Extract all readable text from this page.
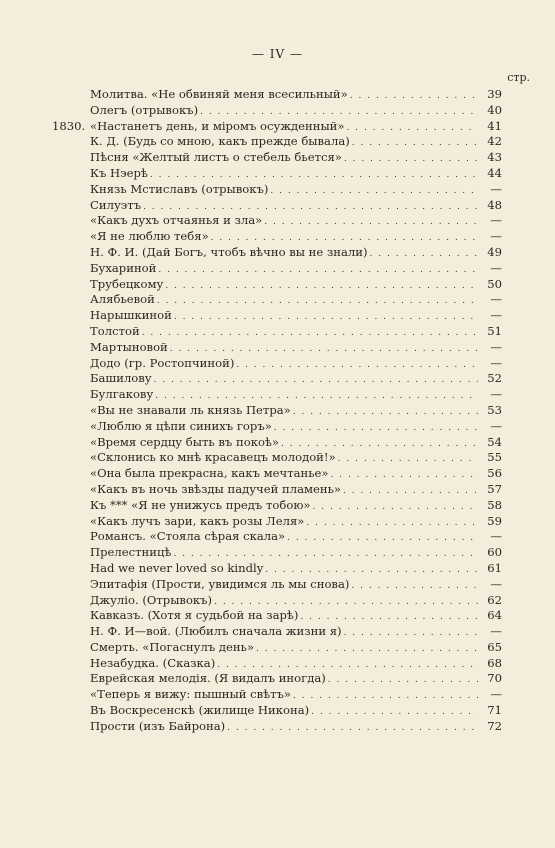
— IV —
стр.
Молитва. «Не обвиняй меня всесильный» . . .	39
Олегъ (отрывокъ) . . .	40
1830. «Настанетъ день, и міромъ осужденный» . . .	41
К. Д. (Будь со мною, какъ прежде бывала) . . .	42
Пѣсня «Желтый листъ о стебель бьется» . . .	43
Къ Нэерѣ . . .	44
Князь Мстиславъ (отрывокъ) . . .	—
Силуэтъ . . .	48
«Какъ духъ отчаянья и зла» . . .	—
«Я не люблю тебя» . . .	—
Н. Ф. И. (Дай Богъ, чтобъ вѣчно вы не знали) . . .	49
Бухариной . . .	—
Трубецкому . . .	50
Алябьевой . . .	—
Нарышкиной . . .	—
Толстой . . .	51
Мартыновой . . .	—
Додо (гр. Ростопчиной) . . .	—
Башилову . . .	52
Булгакову . . .	—
«Вы не знавали ль князь Петра» . . .	53
«Люблю я цѣпи синихъ горъ» . . .	—
«Время сердцу быть въ покоѣ» . . .	54
«Склонись ко мнѣ красавецъ молодой!» . . .	55
«Она была прекрасна, какъ мечтанье» . . .	56
«Какъ въ ночь звѣзды падучей пламень» . . .	57
Къ *** «Я не унижусь предъ тобою» . . .	58
«Какъ лучъ зари, какъ розы Леля» . . .	59
Романсъ. «Стояла сѣрая скала» . . .	—
Прелестницѣ . . .	60
Had we never loved so kindly . . .	61
Эпитафія (Прости, увидимся ль мы снова) . . .	—
Джуліо. (Отрывокъ) . . .	62
Кавказъ. (Хотя я судьбой на зарѣ) . . .	64
Н. Ф. И—вой. (Любилъ сначала жизни я) . . .	—
Смерть. «Погаснулъ день» . . .	65
Незабудка. (Сказка) . . .	68
Еврейская мелодія. (Я видалъ иногда) . . .	70
«Теперь я вижу: пышный свѣтъ» . . .	—
Въ Воскресенскѣ (жилище Никона) . . .	71
Прости (изъ Байрона) . . .	72
